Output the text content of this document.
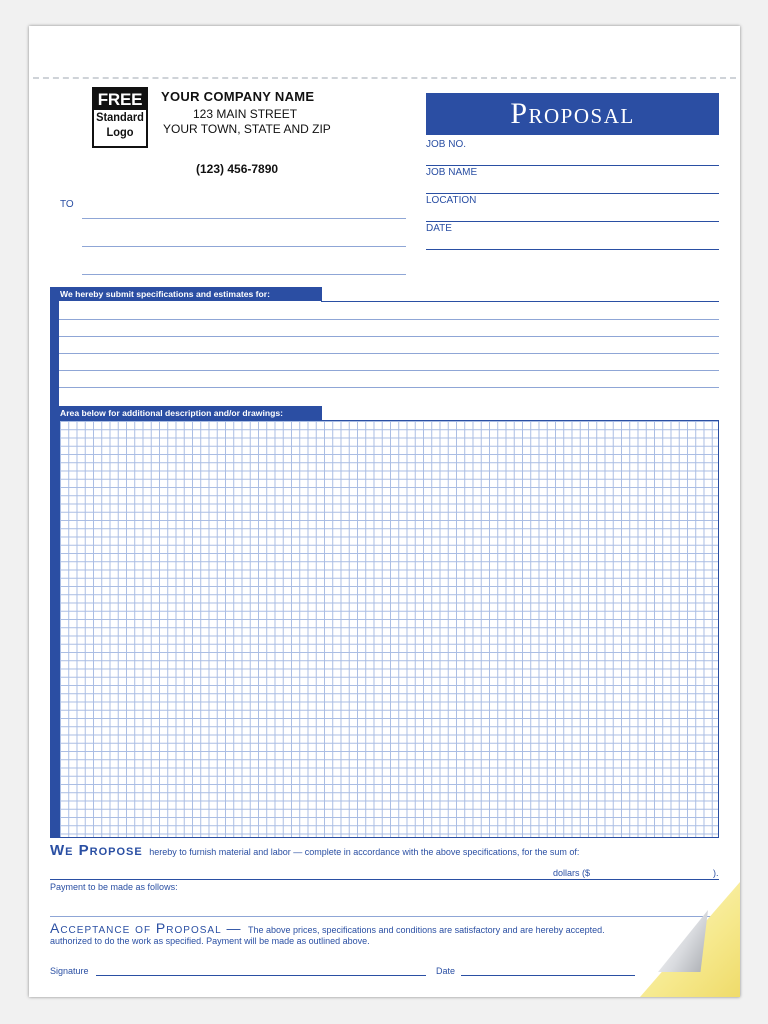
FREE
Standard
Logo
YOUR COMPANY NAME
123 MAIN STREET
YOUR TOWN, STATE AND ZIP
(123) 456-7890
Proposal
JOB NO.
JOB NAME
LOCATION
DATE
TO
We hereby submit specifications and estimates for:
Area below for additional description and/or drawings:
We Propose hereby to furnish material and labor — complete in accordance with the above specifications, for the sum of:
dollars ($	).
Payment to be made as follows:
Acceptance of Proposal — The above prices, specifications and conditions are satisfactory and are hereby accepted.
authorized to do the work as specified. Payment will be made as outlined above.
Signature	Date
